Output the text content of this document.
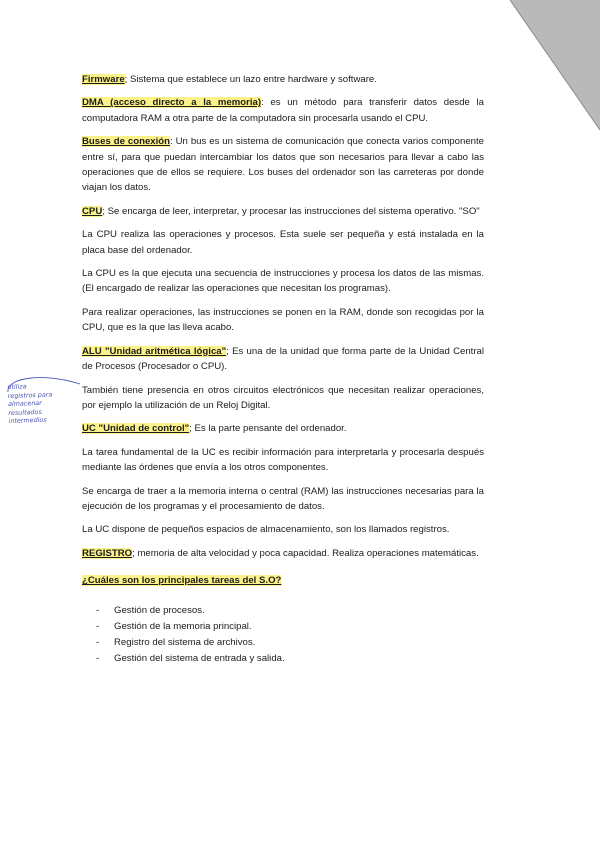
Firmware; Sistema que establece un lazo entre hardware y software.

DMA (acceso directo a la memoria): es un método para transferir datos desde la computadora RAM a otra parte de la computadora sin procesarla usando el CPU.

Buses de conexión: Un bus es un sistema de comunicación que conecta varios componente entre sí, para que puedan intercambiar los datos que son necesarios para llevar a cabo las operaciones que de ellos se requiere. Los buses del ordenador son las carreteras por donde viajan los datos.

CPU; Se encarga de leer, interpretar, y procesar las instrucciones del sistema operativo. "SO"

La CPU realiza las operaciones y procesos. Esta suele ser pequeña y está instalada en la placa base del ordenador.

La CPU es la que ejecuta una secuencia de instrucciones y procesa los datos de las mismas. (El encargado de realizar las operaciones que necesitan los programas).

Para realizar operaciones, las instrucciones se ponen en la RAM, donde son recogidas por la CPU, que es la que las lleva acabo.

ALU "Unidad aritmética lógica"; Es una de la unidad que forma parte de la Unidad Central de Procesos (Procesador o CPU).

También tiene presencia en otros circuitos electrónicos que necesitan realizar operaciones, por ejemplo la utilización de un Reloj Digital.

UC "Unidad de control"; Es la parte pensante del ordenador.

La tarea fundamental de la UC es recibir información para interpretarla y procesarla después mediante las órdenes que envía a los otros componentes.

Se encarga de traer a la memoria interna o central (RAM) las instrucciones necesarias para la ejecución de los programas y el procesamiento de datos.

La UC dispone de pequeños espacios de almacenamiento, son los llamados registros.

REGISTRO; memoria de alta velocidad y poca capacidad. Realiza operaciones matemáticas.

¿Cuáles son los principales tareas del S.O?

- Gestión de procesos.
- Gestión de la memoria principal.
- Registro del sistema de archivos.
- Gestión del sistema de entrada y salida.
utiliza
registros para
almacenar
resultados
intermedios
